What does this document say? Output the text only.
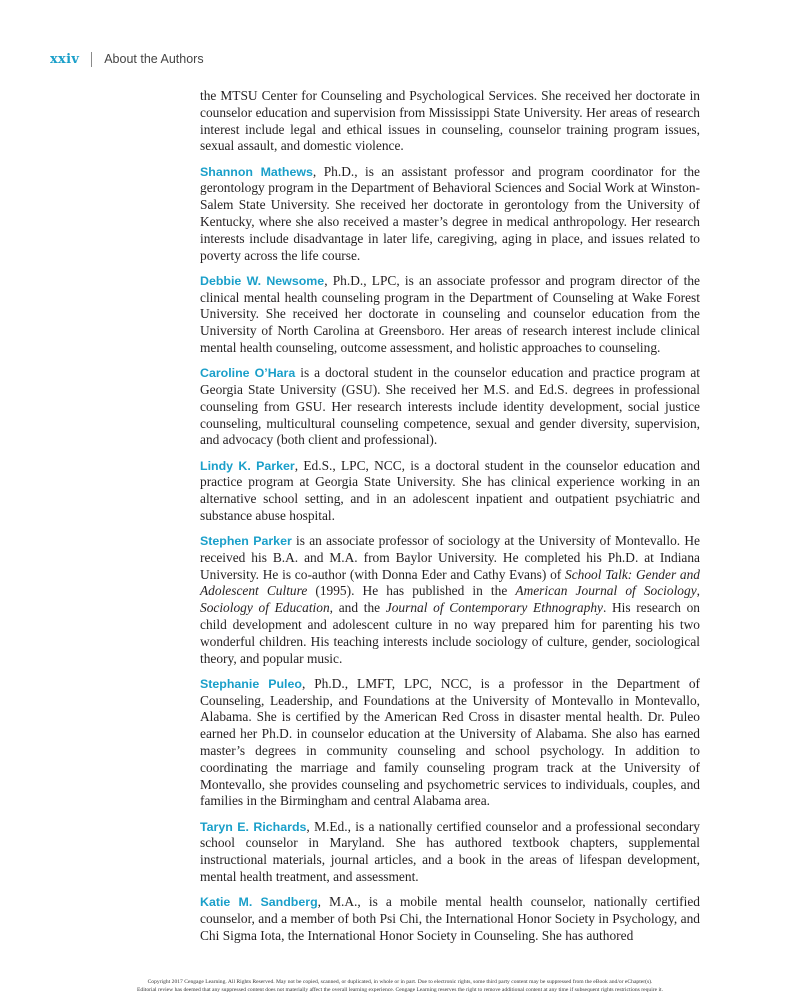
xxiv About the Authors

the MTSU Center for Counseling and Psychological Services. She received her doctorate in counselor education and supervision from Mississippi State University. Her areas of research interest include legal and ethical issues in counseling, counselor training program issues, sexual assault, and domestic violence.

Shannon Mathews, Ph.D., is an assistant professor and program coordinator for the gerontology program in the Department of Behavioral Sciences and Social Work at Winston-Salem State University. She received her doctorate in gerontology from the University of Kentucky, where she also received a master’s degree in medical anthropology. Her research interests include disadvantage in later life, caregiving, aging in place, and issues related to poverty across the life course.

Debbie W. Newsome, Ph.D., LPC, is an associate professor and program director of the clinical mental health counseling program in the Department of Counseling at Wake Forest University. She received her doctorate in counseling and counselor education from the University of North Carolina at Greensboro. Her areas of research interest include clinical mental health counseling, outcome assessment, and holistic approaches to counseling.

Caroline O’Hara is a doctoral student in the counselor education and practice program at Georgia State University (GSU). She received her M.S. and Ed.S. degrees in professional counseling from GSU. Her research interests include identity development, social justice counseling, multicultural counseling competence, sexual and gender diversity, supervision, and advocacy (both client and professional).

Lindy K. Parker, Ed.S., LPC, NCC, is a doctoral student in the counselor education and practice program at Georgia State University. She has clinical experience working in an alternative school setting, and in an adolescent inpatient and outpatient psychiatric and substance abuse hospital.

Stephen Parker is an associate professor of sociology at the University of Montevallo. He received his B.A. and M.A. from Baylor University. He completed his Ph.D. at Indiana University. He is co-author (with Donna Eder and Cathy Evans) of School Talk: Gender and Adolescent Culture (1995). He has published in the American Journal of Sociology, Sociology of Education, and the Journal of Contemporary Ethnography. His research on child development and adolescent culture in no way prepared him for parenting his two wonderful children. His teaching interests include sociology of culture, gender, sociological theory, and popular music.

Stephanie Puleo, Ph.D., LMFT, LPC, NCC, is a professor in the Department of Counseling, Leadership, and Foundations at the University of Montevallo in Montevallo, Alabama. She is certified by the American Red Cross in disaster mental health. Dr. Puleo earned her Ph.D. in counselor education at the University of Alabama. She also has earned master’s degrees in community counseling and school psychology. In addition to coordinating the marriage and family counseling program track at the University of Montevallo, she provides counseling and psychometric services to individuals, couples, and families in the Birmingham and central Alabama area.

Taryn E. Richards, M.Ed., is a nationally certified counselor and a professional secondary school counselor in Maryland. She has authored textbook chapters, supplemental instructional materials, journal articles, and a book in the areas of lifespan development, mental health treatment, and assessment.

Katie M. Sandberg, M.A., is a mobile mental health counselor, nationally certified counselor, and a member of both Psi Chi, the International Honor Society in Psychology, and Chi Sigma Iota, the International Honor Society in Counseling. She has authored

Copyright 2017 Cengage Learning. All Rights Reserved. May not be copied, scanned, or duplicated, in whole or in part. Due to electronic rights, some third party content may be suppressed from the eBook and/or eChapter(s).
Editorial review has deemed that any suppressed content does not materially affect the overall learning experience. Cengage Learning reserves the right to remove additional content at any time if subsequent rights restrictions require it.
